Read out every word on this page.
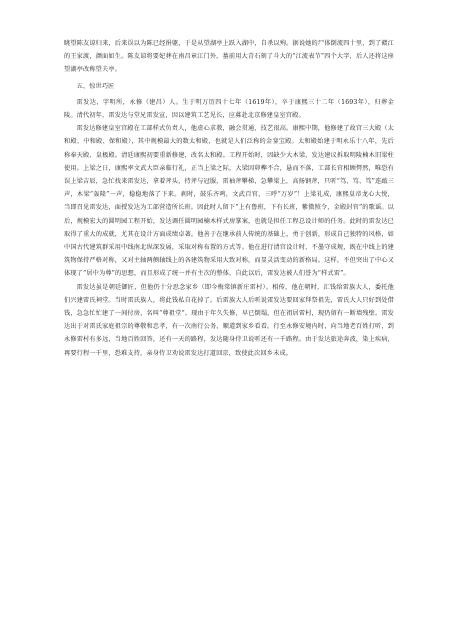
眺望陈友谅归来，后来误以为陈已经捐躯，于是从望湖亭上跃入湖中，自杀以殉。据说她的尸体倒流四十里，到了赣江的王家渡，颜面如生。陈友谅将要妃葬在南昌章江门外，墓前用大青石刻了斗大的“江流表节”四个大字，后人还将这座望湖亭改称望夫亭。

五、惊世巧匠

雷发达，字明所，永修（建昌）人。生于明万历四十七年（1619年），卒于康熙三十二年（1693年），归葬金陵。清代初年，雷发达与堂兄雷发宣，因以建筑工艺见长，应募赴北京修建皇室宫殿。

雷发达修建皇室宫殿在工部样式负责人，他虚心求教，融会贯通，技艺很高。康熙中期，他修建了故宫三大殿（太和殿、中和殿、保和殿），其中规模最大的数太和殿，也就是人们泛称的金銮宝殿。太和殿始建于明永乐十八年，先后称奉天殿、皇极殿。清廷康熙初要重新修建，改名太和殿。工程开始时，因缺少大木梁，发达建议拆取明陵楠木旧梁柱使用。上梁之日，康熙率文武大臣亲临行礼，正当上梁之际，大梁因卯榫不合，悬而不落，工部长官相顾愕然，唯恐有误上梁吉辰，急忙找来雷发达，拿着斧头，持斧与冠服，雷袖斧攀梯，急攀梁上，高扬钢斧，只听“笃、笃、笃”连敲三声，木梁“轰隆”一声，稳稳地落了下来。刹时，鼓乐齐鸣，文武百官，三呼“万岁”！上梁礼成，康熙皇帝龙心大悦，当即召见雷发达，面授发达为工部营造所长班。因此时人留下“上有鲁班，下有长班，紫微照令，金殿封官”的歌谣。以后，规模宏大的圆明园工程开始，发达调任圆明园楠木样式房掌案，也就是担任工程总设计师的任务。此时的雷发达已取得了重大的成就，尤其在设计方面成绩卓著。他善于在继承前人传统的基础上，勇于创新，形成自己独特的风格，如中国古代建筑群采用中线南北纵深发展，采取对称布置的方式等。他在进行清宫设计时，不墨守成规，既在中线上的建筑物保持严格对称，又对主轴两侧轴线上的各建筑物采用大致对称，而显灵活变动的新格局。这样，不但突出了中心又体现了“居中为尊”的思想，而且形成了统一并有主次的整体，自此以后，雷发达被人们誉为“样式雷”。

雷发达虽是朝廷御匠，但他仍十分思念家乡（即今梅棠镇新庄雷村）。相传，他在朝时，汇钱给雷族大人，委托他们兴建雷氏祠堂。当时雷氏族人，将此钱私自花掉了。后雷族大人后听说雷发达要回家拜祭祖先，雷氏大人只好到处借钱，急急忙忙建了一间付房，名叫“尊祖堂”。现由于年久失修，早已倒塌，但在祖居雷村，现仍留有一断墙残壁。雷发达出于对雷氏家庭祖宗的尊敬和忠孝，有一次南行公务，顺道到家乡看看。行至永修安境内时，向当地老百姓打听，到永修雷村有多远，当地百姓回答，还有一天的路程，发达随身侍卫说听还有一千路程。由于发达旅途奔波，染上疾病，再要行程一千里，恐难支持，亲身侍卫劝说雷发达打道回京，致使此次回乡未成。
